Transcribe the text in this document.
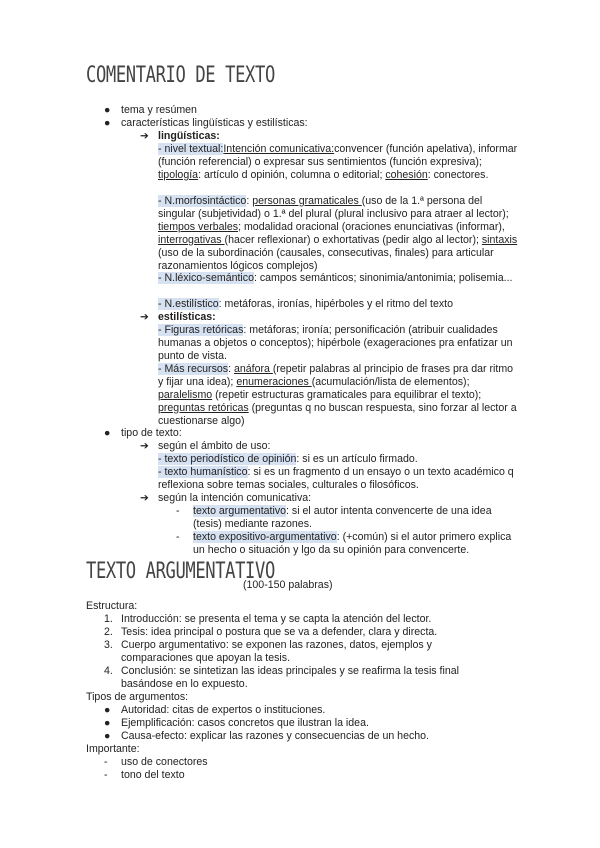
COMENTARIO DE TEXTO
● tema y resúmen
● características lingüísticas y estilísticas:
➔ lingüísticas:
- nivel textual:Intención comunicativa:convencer (función apelativa), informar (función referencial) o expresar sus sentimientos (función expresiva); tipología: artículo d opinión, columna o editorial; cohesión: conectores.
- N.morfosintáctico: personas gramaticales (uso de la 1.ª persona del singular (subjetividad) o 1.ª del plural (plural inclusivo para atraer al lector); tiempos verbales; modalidad oracional (oraciones enunciativas (informar), interrogativas (hacer reflexionar) o exhortativas (pedir algo al lector); sintaxis (uso de la subordinación (causales, consecutivas, finales) para articular razonamientos lógicos complejos)
- N.léxico-semántico: campos semánticos; sinonimia/antonimia; polisemia...
- N.estilístico: metáforas, ironías, hipérboles y el ritmo del texto
➔ estilísticas:
- Figuras retóricas: metáforas; ironía; personificación (atribuir cualidades humanas a objetos o conceptos); hipérbole (exageraciones pra enfatizar un punto de vista.
- Más recursos: anáfora (repetir palabras al principio de frases pra dar ritmo y fijar una idea); enumeraciones (acumulación/lista de elementos); paralelismo (repetir estructuras gramaticales para equilibrar el texto); preguntas retóricas (preguntas q no buscan respuesta, sino forzar al lector a cuestionarse algo)
● tipo de texto:
➔ según el ámbito de uso:
- texto periodístico de opinión: si es un artículo firmado.
- texto humanístico: si es un fragmento d un ensayo o un texto académico q reflexiona sobre temas sociales, culturales o filosóficos.
➔ según la intención comunicativa:
- texto argumentativo: si el autor intenta convencerte de una idea (tesis) mediante razones.
- texto expositivo-argumentativo: (+común) si el autor primero explica un hecho o situación y lgo da su opinión para convencerte.
TEXTO ARGUMENTATIVO
(100-150 palabras)
Estructura:
1. Introducción: se presenta el tema y se capta la atención del lector.
2. Tesis: idea principal o postura que se va a defender, clara y directa.
3. Cuerpo argumentativo: se exponen las razones, datos, ejemplos y comparaciones que apoyan la tesis.
4. Conclusión: se sintetizan las ideas principales y se reafirma la tesis final basándose en lo expuesto.
Tipos de argumentos:
● Autoridad: citas de expertos o instituciones.
● Ejemplificación: casos concretos que ilustran la idea.
● Causa-efecto: explicar las razones y consecuencias de un hecho.
Importante:
- uso de conectores
- tono del texto
